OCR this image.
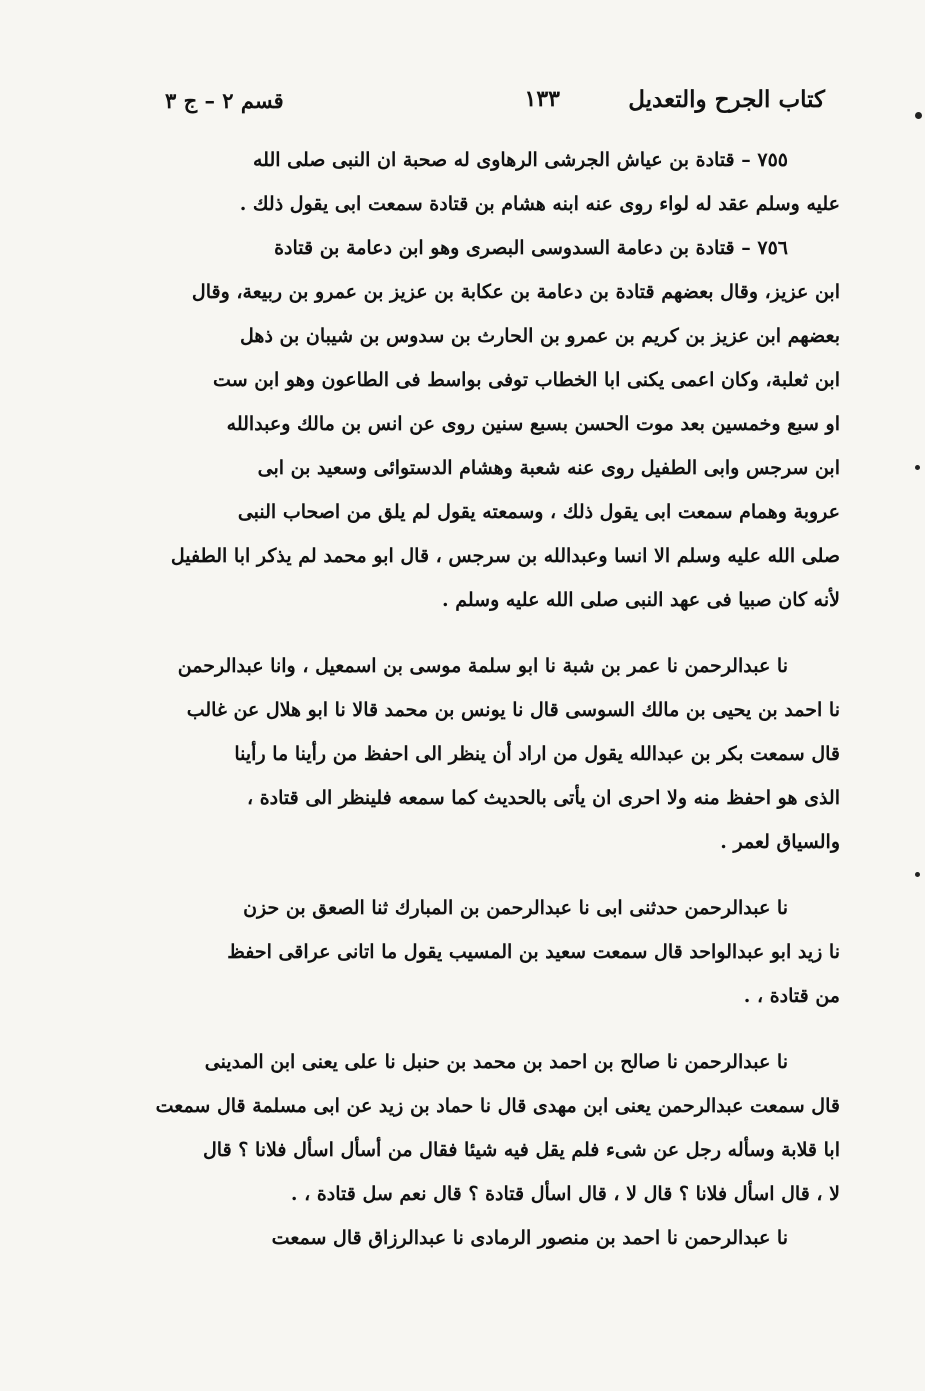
كتاب الجرح والتعديل
١٣٣
قسم ٢ – ج ٣
٧٥٥ – قتادة بن عياش الجرشى الرهاوى له صحبة ان النبى صلى الله
عليه وسلم عقد له لواء روى عنه ابنه هشام بن قتادة سمعت ابى يقول ذلك .
٧٥٦ – قتادة بن دعامة السدوسى البصرى وهو ابن دعامة بن قتادة
ابن عزيز، وقال بعضهم قتادة بن دعامة بن عكابة بن عزيز بن عمرو بن ربيعة، وقال
بعضهم ابن عزيز بن كريم بن عمرو بن الحارث بن سدوس بن شيبان بن ذهل
ابن ثعلبة، وكان اعمى يكنى ابا الخطاب توفى بواسط فى الطاعون وهو ابن ست
او سبع وخمسين بعد موت الحسن بسبع سنين روى عن انس بن مالك وعبدالله
ابن سرجس وابى الطفيل روى عنه شعبة وهشام الدستوائى وسعيد بن ابى
عروبة وهمام سمعت ابى يقول ذلك ، وسمعته يقول لم يلق من اصحاب النبى
صلى الله عليه وسلم الا انسا وعبدالله بن سرجس ، قال ابو محمد لم يذكر ابا الطفيل
لأنه كان صبيا فى عهد النبى صلى الله عليه وسلم .
نا عبدالرحمن نا عمر بن شبة نا ابو سلمة موسى بن اسمعيل ، وانا عبدالرحمن
نا احمد بن يحيى بن مالك السوسى قال نا يونس بن محمد قالا نا ابو هلال عن غالب
قال سمعت بكر بن عبدالله يقول من اراد أن ينظر الى احفظ من رأينا ما رأينا
الذى هو احفظ منه ولا احرى ان يأتى بالحديث كما سمعه فلينظر الى قتادة ،
والسياق لعمر .
نا عبدالرحمن حدثنى ابى نا عبدالرحمن بن المبارك ثنا الصعق بن حزن
نا زيد ابو عبدالواحد قال سمعت سعيد بن المسيب يقول ما اتانى عراقى احفظ
من قتادة ، .
نا عبدالرحمن نا صالح بن احمد بن محمد بن حنبل نا على يعنى ابن المدينى
قال سمعت عبدالرحمن يعنى ابن مهدى قال نا حماد بن زيد عن ابى مسلمة قال سمعت
ابا قلابة وسأله رجل عن شىء فلم يقل فيه شيئا فقال من أسأل اسأل فلانا ؟ قال
لا ، قال اسأل فلانا ؟ قال لا ، قال اسأل قتادة ؟ قال نعم سل قتادة ، .
نا عبدالرحمن نا احمد بن منصور الرمادى نا عبدالرزاق قال سمعت
